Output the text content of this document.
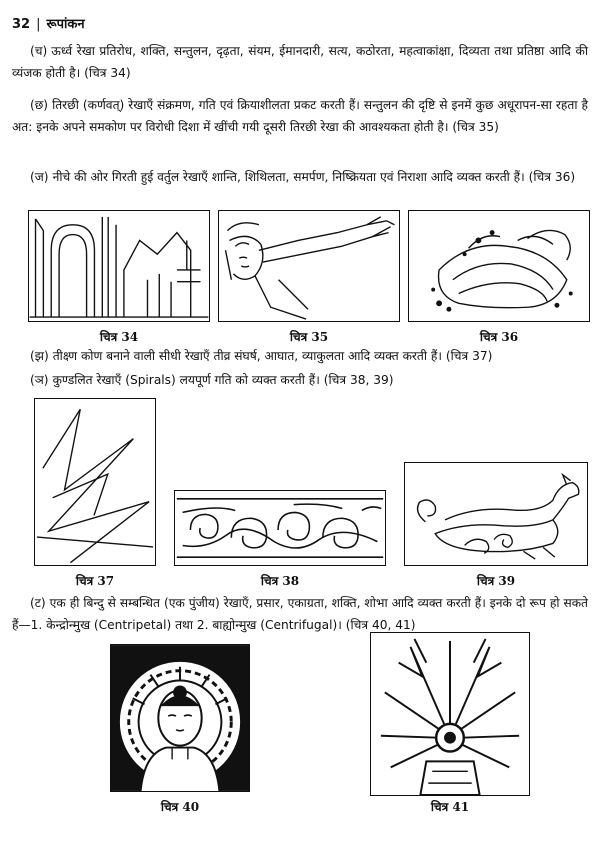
32 | रूपांकन
(च) ऊर्ध्व रेखा प्रतिरोध, शक्ति, सन्तुलन, दृढ़ता, संयम, ईमानदारी, सत्य, कठोरता, महत्वाकांक्षा, दिव्यता तथा प्रतिष्ठा आदि की व्यंजक होती है। (चित्र 34)
(छ) तिरछी (कर्णवत्) रेखाएँ संक्रमण, गति एवं क्रियाशीलता प्रकट करती हैं। सन्तुलन की दृष्टि से इनमें कुछ अधूरापन-सा रहता है अत: इनके अपने समकोण पर विरोधी दिशा में खींची गयी दूसरी तिरछी रेखा की आवश्यकता होती है। (चित्र 35)
(ज) नीचे की ओर गिरती हुई वर्तुल रेखाएँ शान्ति, शिथिलता, समर्पण, निष्क्रियता एवं निराशा आदि व्यक्त करती हैं। (चित्र 36)
चित्र 34	चित्र 35	चित्र 36
(झ) तीक्ष्ण कोण बनाने वाली सीधी रेखाएँ तीव्र संघर्ष, आघात, व्याकुलता आदि व्यक्त करती हैं। (चित्र 37)
(ञ) कुण्डलित रेखाएँ (Spirals) लयपूर्ण गति को व्यक्त करती हैं। (चित्र 38, 39)
चित्र 37	चित्र 38	चित्र 39
(ट) एक ही बिन्दु से सम्बन्धित (एक पुंजीय) रेखाएँ, प्रसार, एकाग्रता, शक्ति, शोभा आदि व्यक्त करती हैं। इनके दो रूप हो सकते हैं—1. केन्द्रोन्मुख (Centripetal) तथा 2. बाह्योन्मुख (Centrifugal)। (चित्र 40, 41)
चित्र 40	चित्र 41
